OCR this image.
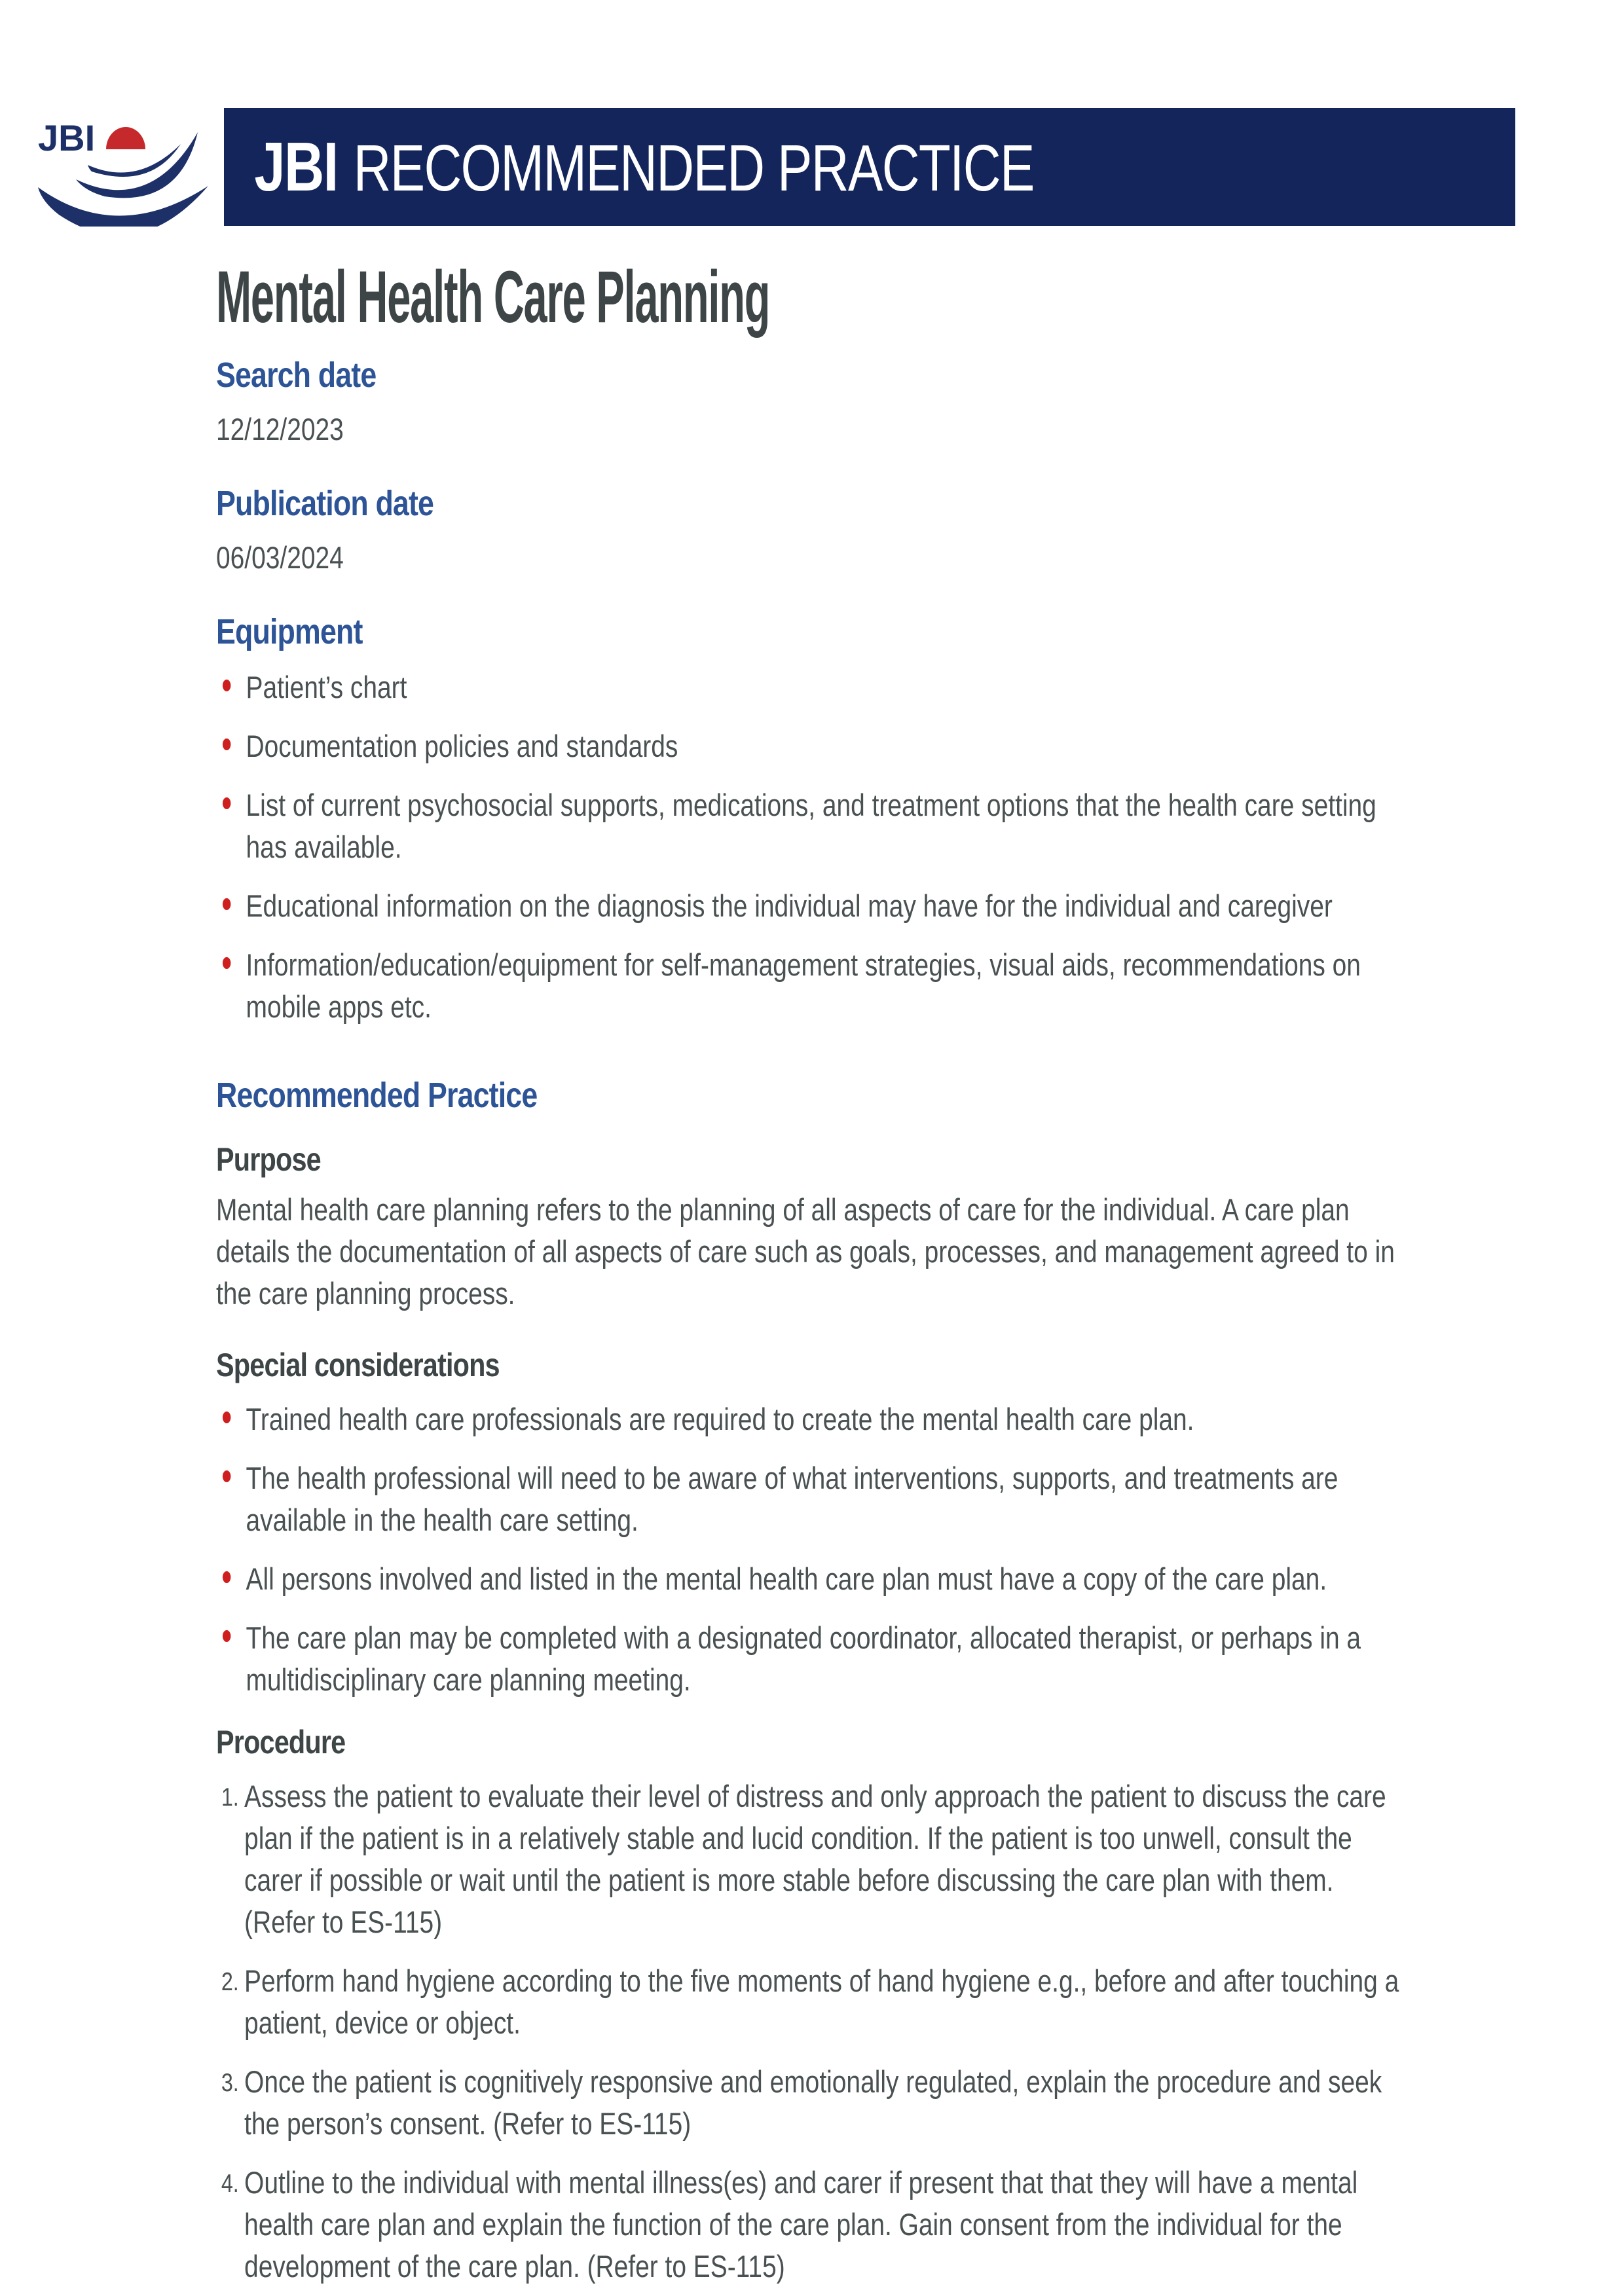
JBI JBI RECOMMENDED PRACTICE
Mental Health Care Planning
Search date

12/12/2023

Publication date

06/03/2024

Equipment
Patient’s chart
Documentation policies and standards
List of current psychosocial supports, medications, and treatment options that the health care setting has available.
Educational information on the diagnosis the individual may have for the individual and caregiver
Information/education/equipment for self-management strategies, visual aids, recommendations on mobile apps etc.
Recommended Practice
Purpose

Mental health care planning refers to the planning of all aspects of care for the individual. A care plan details the documentation of all aspects of care such as goals, processes, and management agreed to in the care planning process.

Special considerations
Trained health care professionals are required to create the mental health care plan.
The health professional will need to be aware of what interventions, supports, and treatments are available in the health care setting.
All persons involved and listed in the mental health care plan must have a copy of the care plan.
The care plan may be completed with a designated coordinator, allocated therapist, or perhaps in a multidisciplinary care planning meeting.
Procedure
1. Assess the patient to evaluate their level of distress and only approach the patient to discuss the care plan if the patient is in a relatively stable and lucid condition. If the patient is too unwell, consult the carer if possible or wait until the patient is more stable before discussing the care plan with them. (Refer to ES-115)
2. Perform hand hygiene according to the five moments of hand hygiene e.g., before and after touching a patient, device or object.
3. Once the patient is cognitively responsive and emotionally regulated, explain the procedure and seek the person’s consent. (Refer to ES-115)
4. Outline to the individual with mental illness(es) and carer if present that that they will have a mental health care plan and explain the function of the care plan. Gain consent from the individual for the development of the care plan. (Refer to ES-115)
